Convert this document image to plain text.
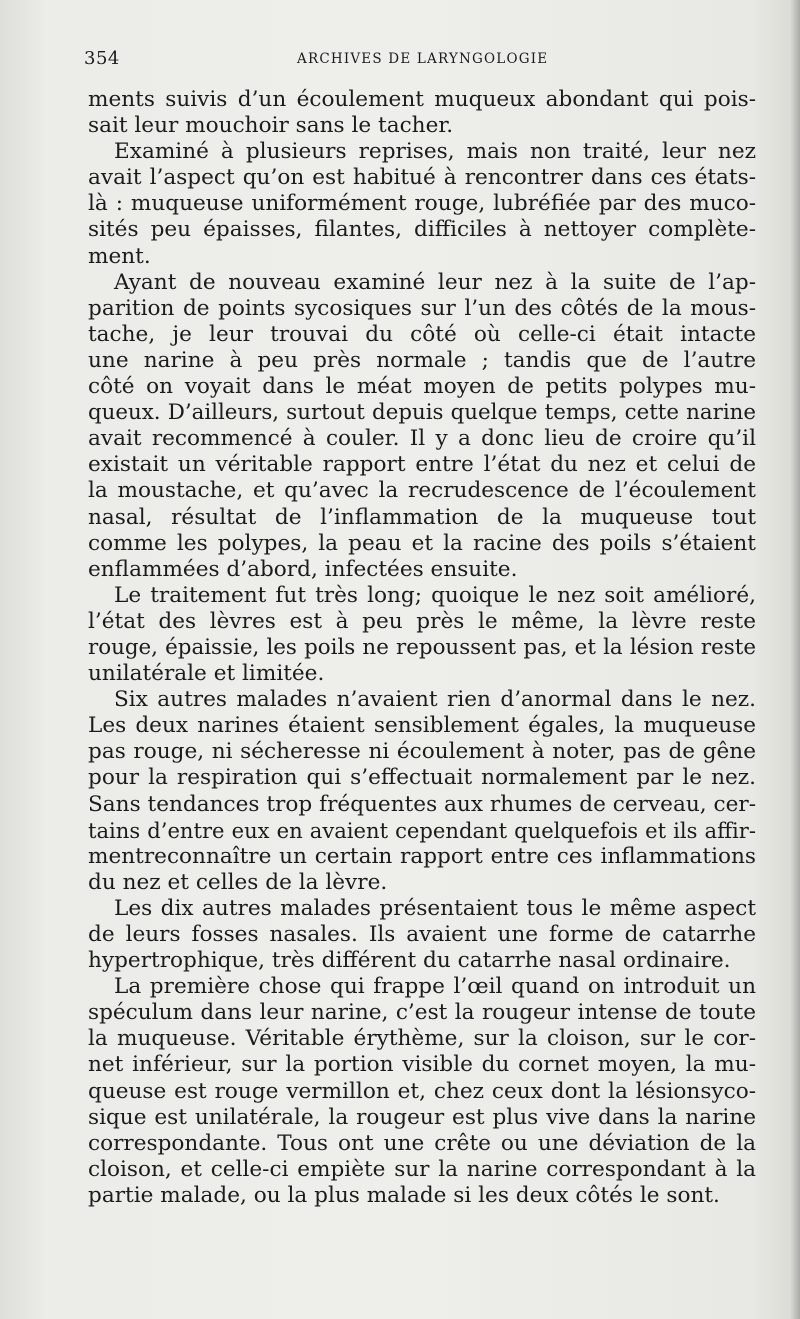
354	ARCHIVES DE LARYNGOLOGIE
ments suivis d’un écoulement muqueux abondant qui pois-
sait leur mouchoir sans le tacher.
Examiné à plusieurs reprises, mais non traité, leur nez
avait l’aspect qu’on est habitué à rencontrer dans ces états-
là : muqueuse uniformément rouge, lubréfiée par des muco-
sités peu épaisses, filantes, difficiles à nettoyer complète-
ment.
Ayant de nouveau examiné leur nez à la suite de l’ap-
parition de points sycosiques sur l’un des côtés de la mous-
tache, je leur trouvai du côté où celle-ci était intacte
une narine à peu près normale ; tandis que de l’autre
côté on voyait dans le méat moyen de petits polypes mu-
queux. D’ailleurs, surtout depuis quelque temps, cette narine
avait recommencé à couler. Il y a donc lieu de croire qu’il
existait un véritable rapport entre l’état du nez et celui de
la moustache, et qu’avec la recrudescence de l’écoulement
nasal, résultat de l’inflammation de la muqueuse tout
comme les polypes, la peau et la racine des poils s’étaient
enflammées d’abord, infectées ensuite.
Le traitement fut très long; quoique le nez soit amélioré,
l’état des lèvres est à peu près le même, la lèvre reste
rouge, épaissie, les poils ne repoussent pas, et la lésion reste
unilatérale et limitée.
Six autres malades n’avaient rien d’anormal dans le nez.
Les deux narines étaient sensiblement égales, la muqueuse
pas rouge, ni sécheresse ni écoulement à noter, pas de gêne
pour la respiration qui s’effectuait normalement par le nez.
Sans tendances trop fréquentes aux rhumes de cerveau, cer-
tains d’entre eux en avaient cependant quelquefois et ils affir-
mentreconnaître un certain rapport entre ces inflammations
du nez et celles de la lèvre.
Les dix autres malades présentaient tous le même aspect
de leurs fosses nasales. Ils avaient une forme de catarrhe
hypertrophique, très différent du catarrhe nasal ordinaire.
La première chose qui frappe l’œil quand on introduit un
spéculum dans leur narine, c’est la rougeur intense de toute
la muqueuse. Véritable érythème, sur la cloison, sur le cor-
net inférieur, sur la portion visible du cornet moyen, la mu-
queuse est rouge vermillon et, chez ceux dont la lésionsyco-
sique est unilatérale, la rougeur est plus vive dans la narine
correspondante. Tous ont une crête ou une déviation de la
cloison, et celle-ci empiète sur la narine correspondant à la
partie malade, ou la plus malade si les deux côtés le sont.
